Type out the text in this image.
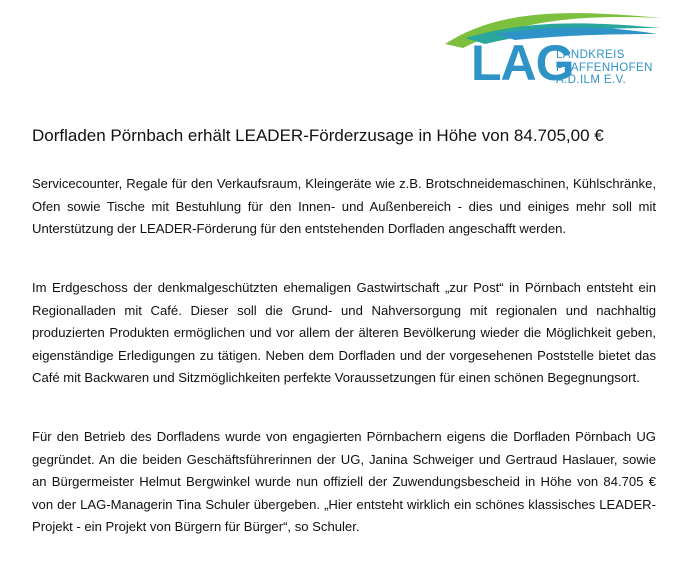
LAG
LANDKREIS
PFAFFENHOFEN
A.D.ILM E.V.
Dorfladen Pörnbach erhält LEADER-Förderzusage in Höhe von 84.705,00 €

Servicecounter, Regale für den Verkaufsraum, Kleingeräte wie z.B. Brotschneidemaschinen, Kühlschränke, Ofen sowie Tische mit Bestuhlung für den Innen- und Außenbereich - dies und einiges mehr soll mit Unterstützung der LEADER-Förderung für den entstehenden Dorfladen angeschafft werden.

Im Erdgeschoss der denkmalgeschützten ehemaligen Gastwirtschaft „zur Post“ in Pörnbach entsteht ein Regionalladen mit Café. Dieser soll die Grund- und Nahversorgung mit regionalen und nachhaltig produzierten Produkten ermöglichen und vor allem der älteren Bevölkerung wieder die Möglichkeit geben, eigenständige Erledigungen zu tätigen. Neben dem Dorfladen und der vorgesehenen Poststelle bietet das Café mit Backwaren und Sitzmöglichkeiten perfekte Voraussetzungen für einen schönen Begegnungsort.

Für den Betrieb des Dorfladens wurde von engagierten Pörnbachern eigens die Dorfladen Pörnbach UG gegründet. An die beiden Geschäftsführerinnen der UG, Janina Schweiger und Gertraud Haslauer, sowie an Bürgermeister Helmut Bergwinkel wurde nun offiziell der Zuwendungsbescheid in Höhe von 84.705 € von der LAG-Managerin Tina Schuler übergeben. „Hier entsteht wirklich ein schönes klassisches LEADER-Projekt - ein Projekt von Bürgern für Bürger“, so Schuler.
